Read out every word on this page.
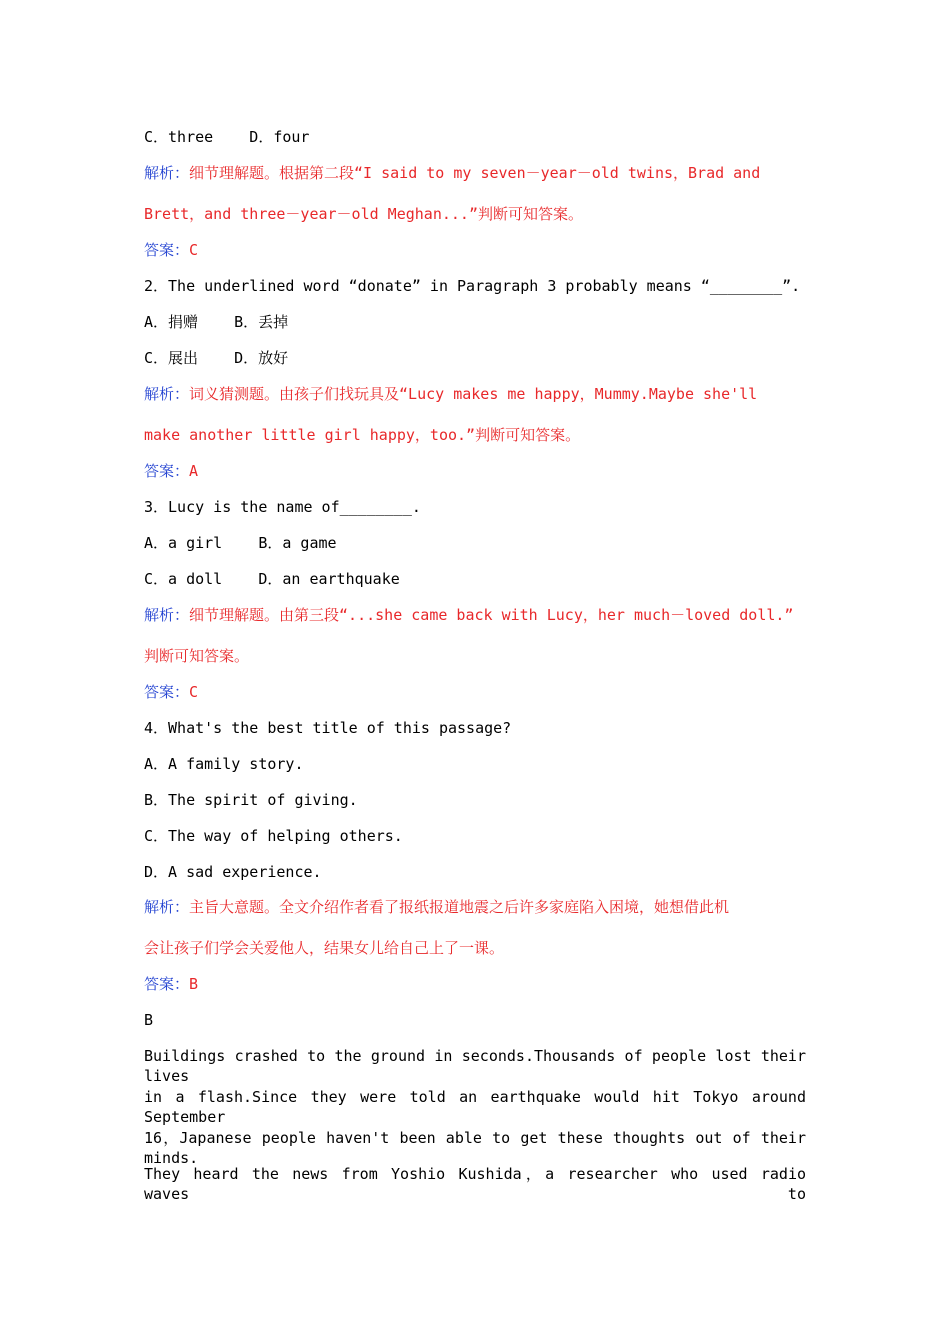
C．three    D．four
解析：细节理解题。根据第二段“I said to my seven－year－old twins，Brad and
Brett，and three－year－old Meghan...”判断可知答案。
答案：C
2．The underlined word “donate” in Paragraph 3 probably means “________”.
A．捐赠    B．丢掉
C．展出    D．放好
解析：词义猜测题。由孩子们找玩具及“Lucy makes me happy，Mummy.Maybe she'll
make another little girl happy，too.”判断可知答案。
答案：A
3．Lucy is the name of________.
A．a girl    B．a game
C．a doll    D．an earthquake
解析：细节理解题。由第三段“...she came back with Lucy，her much－loved doll.”
判断可知答案。
答案：C
4．What's the best title of this passage?
A．A family story.
B．The spirit of giving.
C．The way of helping others.
D．A sad experience.
解析：主旨大意题。全文介绍作者看了报纸报道地震之后许多家庭陷入困境，她想借此机
会让孩子们学会关爱他人，结果女儿给自己上了一课。
答案：B
B
Buildings crashed to the ground in seconds.Thousands of people lost their lives
in a flash.Since they were told an earthquake would hit Tokyo around September
16，Japanese people haven't been able to get these thoughts out of their minds.
They heard the news from Yoshio Kushida，a researcher who used radio waves to
